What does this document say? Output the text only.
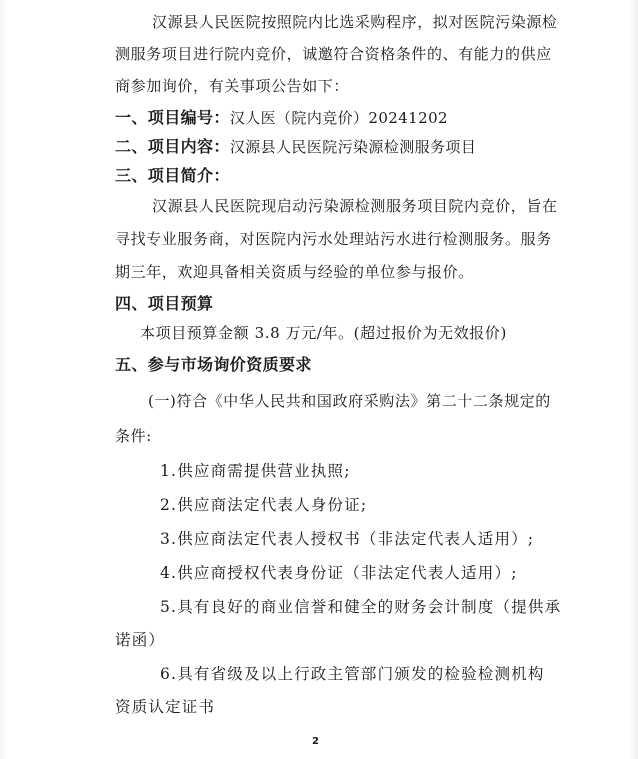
汉源县人民医院按照院内比选采购程序，拟对医院污染源检
测服务项目进行院内竞价，诚邀符合资格条件的、有能力的供应
商参加询价，有关事项公告如下：
一、项目编号：汉人医（院内竞价）20241202
二、项目内容：汉源县人民医院污染源检测服务项目
三、项目简介：
汉源县人民医院现启动污染源检测服务项目院内竞价，旨在
寻找专业服务商，对医院内污水处理站污水进行检测服务。服务
期三年，欢迎具备相关资质与经验的单位参与报价。
四、项目预算
本项目预算金额 3.8 万元/年。(超过报价为无效报价)
五、参与市场询价资质要求
(一)符合《中华人民共和国政府采购法》第二十二条规定的
条件:
1.供应商需提供营业执照;
2.供应商法定代表人身份证;
3.供应商法定代表人授权书（非法定代表人适用）;
4.供应商授权代表身份证（非法定代表人适用）;
5.具有良好的商业信誉和健全的财务会计制度（提供承
诺函）
6.具有省级及以上行政主管部门颁发的检验检测机构
资质认定证书
2
